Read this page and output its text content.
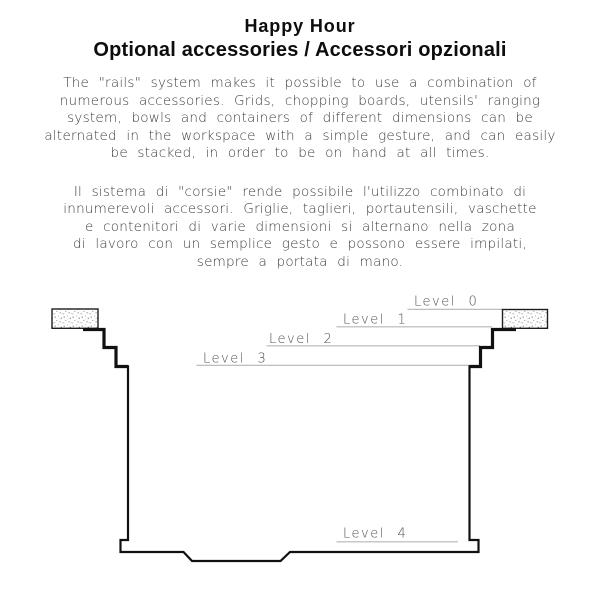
Happy Hour
Optional accessories / Accessori opzionali
The "rails" system makes it possible to use a combination of
numerous accessories. Grids, chopping boards, utensils' ranging
system, bowls and containers of different dimensions can be
alternated in the workspace with a simple gesture, and can easily
be stacked, in order to be on hand at all times.
Il sistema di "corsie" rende possibile l'utilizzo combinato di
innumerevoli accessori. Griglie, taglieri, portautensili, vaschette
e contenitori di varie dimensioni si alternano nella zona
di lavoro con un semplice gesto e possono essere impilati,
sempre a portata di mano.
Level 0
Level 1
Level 2
Level 3
Level 4
